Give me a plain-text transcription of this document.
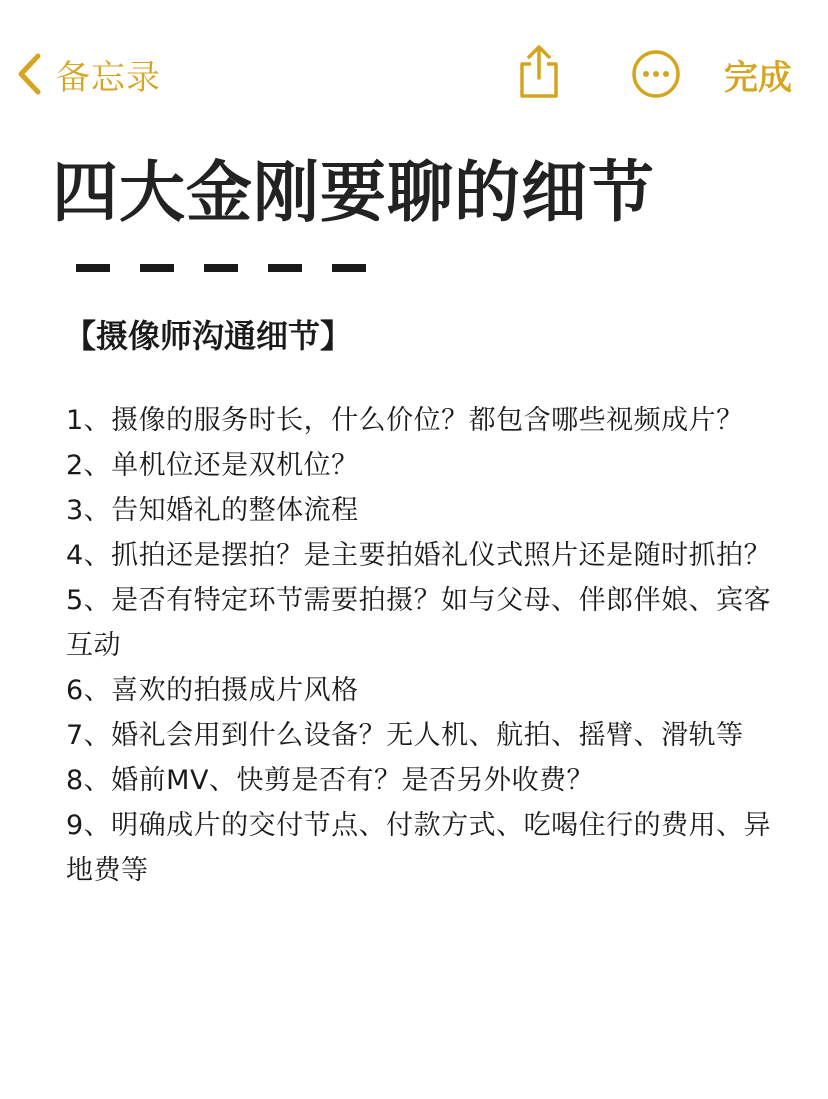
备忘录	完成
四大金刚要聊的细节
【摄像师沟通细节】
1、摄像的服务时长，什么价位？都包含哪些视频成片？
2、单机位还是双机位？
3、告知婚礼的整体流程
4、抓拍还是摆拍？是主要拍婚礼仪式照片还是随时抓拍？
5、是否有特定环节需要拍摄？如与父母、伴郎伴娘、宾客互动
6、喜欢的拍摄成片风格
7、婚礼会用到什么设备？无人机、航拍、摇臂、滑轨等
8、婚前MV、快剪是否有？是否另外收费？
9、明确成片的交付节点、付款方式、吃喝住行的费用、异地费等
